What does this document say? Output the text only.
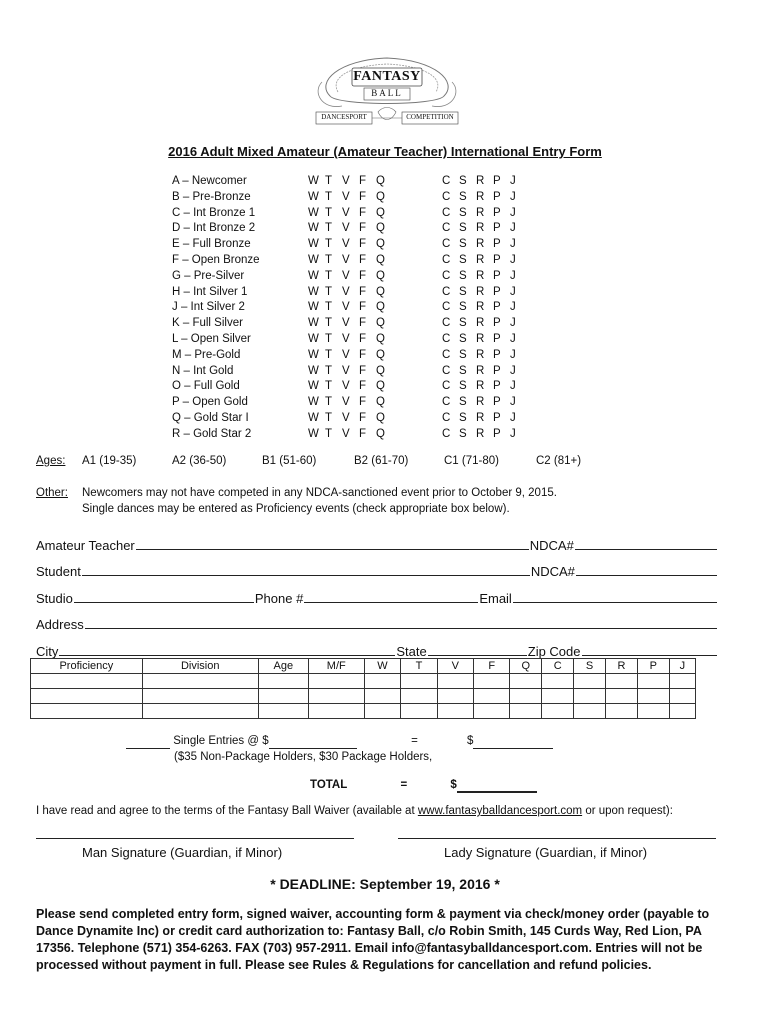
FANTASY
BALL
DANCESPORT	COMPETITION
2016 Adult Mixed Amateur (Amateur Teacher) International Entry Form
A – Newcomer	W T V F Q	C S R P J
B – Pre-Bronze	W T V F Q	C S R P J
C – Int Bronze 1	W T V F Q	C S R P J
D – Int Bronze 2	W T V F Q	C S R P J
E – Full Bronze	W T V F Q	C S R P J
F – Open Bronze	W T V F Q	C S R P J
G – Pre-Silver	W T V F Q	C S R P J
H – Int Silver 1	W T V F Q	C S R P J
J – Int Silver 2	W T V F Q	C S R P J
K – Full Silver	W T V F Q	C S R P J
L – Open Silver	W T V F Q	C S R P J
M – Pre-Gold	W T V F Q	C S R P J
N – Int Gold	W T V F Q	C S R P J
O – Full Gold	W T V F Q	C S R P J
P – Open Gold	W T V F Q	C S R P J
Q – Gold Star I	W T V F Q	C S R P J
R – Gold Star 2	W T V F Q	C S R P J
Ages:	A1 (19-35)	A2 (36-50)	B1 (51-60)	B2 (61-70)	C1 (71-80)	C2 (81+)
Other: Newcomers may not have competed in any NDCA-sanctioned event prior to October 9, 2015.
Single dances may be entered as Proficiency events (check appropriate box below).
Amateur Teacher	NDCA#
Student	NDCA#
Studio	Phone #	Email
Address
City	State	Zip Code
Proficiency	Division	Age	M/F	W	T	V	F	Q	C	S	R	P	J

Single Entries @ $	=	$
($35 Non-Package Holders, $30 Package Holders,
TOTAL	=	$
I have read and agree to the terms of the Fantasy Ball Waiver (available at www.fantasyballdancesport.com or upon request):
Man Signature (Guardian, if Minor)	Lady Signature (Guardian, if Minor)
* DEADLINE: September 19, 2016 *
Please send completed entry form, signed waiver, accounting form & payment via check/money order (payable to Dance Dynamite Inc) or credit card authorization to: Fantasy Ball, c/o Robin Smith, 145 Curds Way, Red Lion, PA 17356. Telephone (571) 354-6263. FAX (703) 957-2911. Email info@fantasyballdancesport.com. Entries will not be processed without payment in full. Please see Rules & Regulations for cancellation and refund policies.
